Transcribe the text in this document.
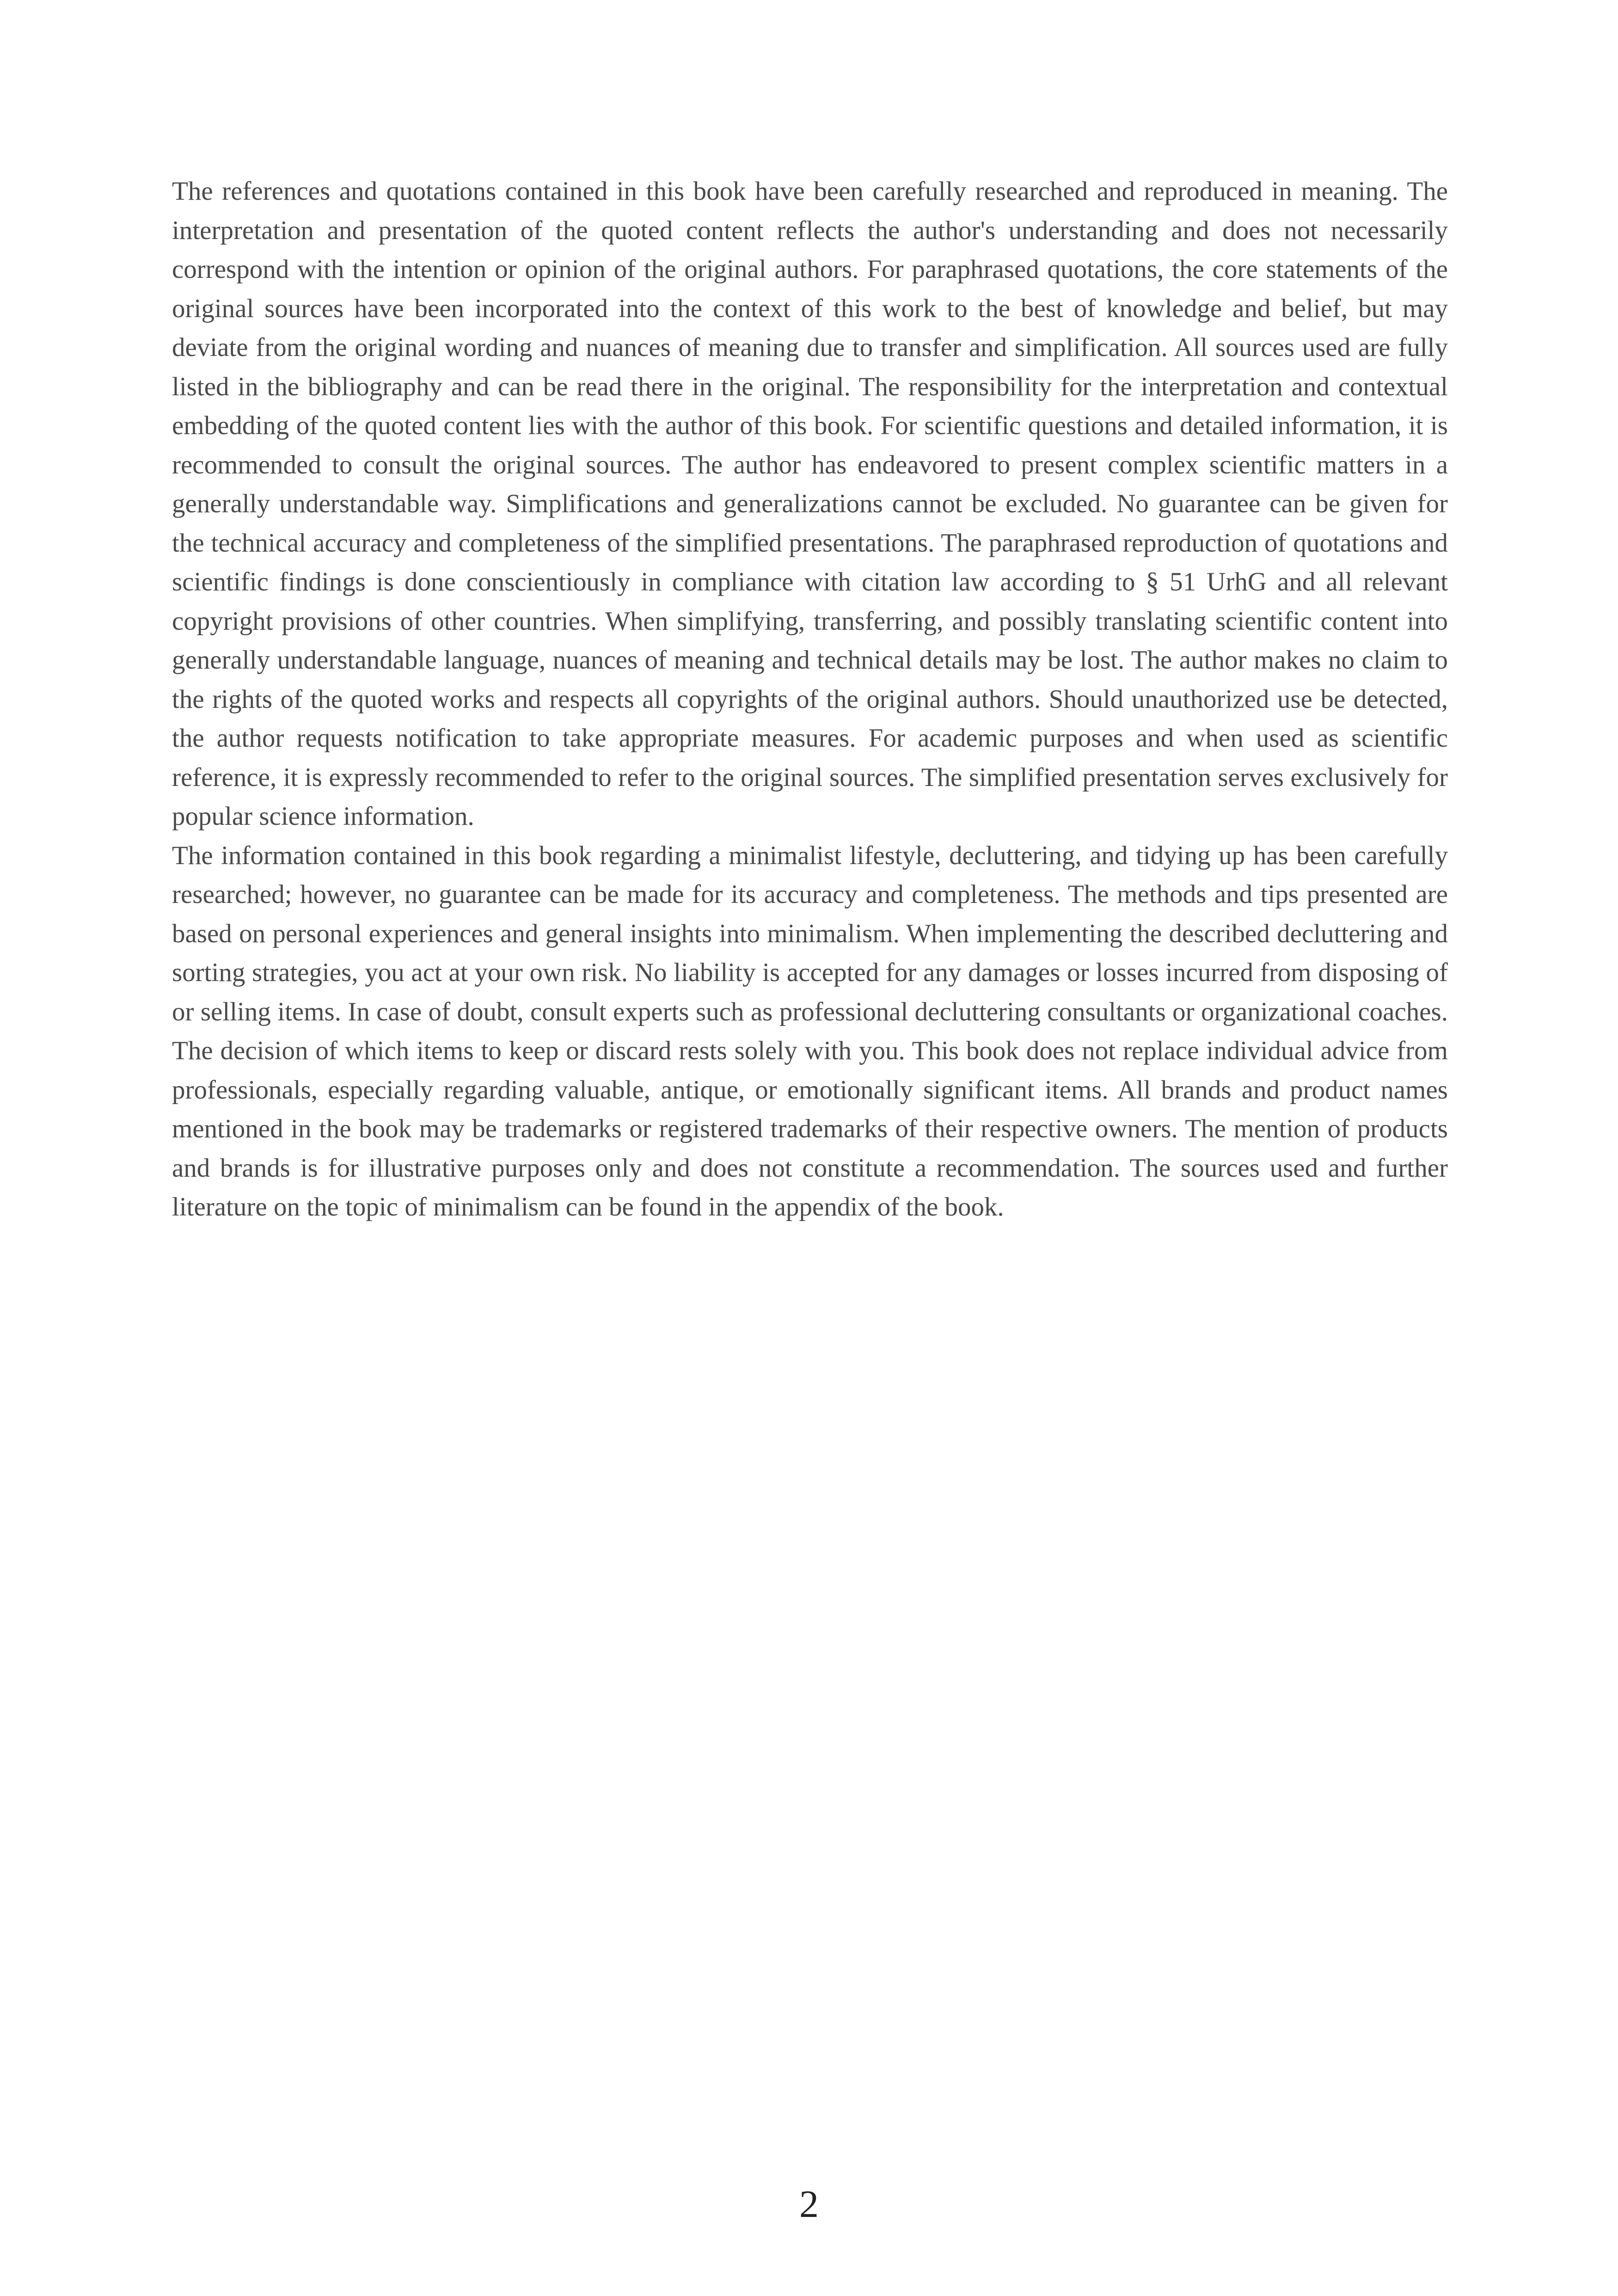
The references and quotations contained in this book have been carefully researched and reproduced in meaning. The interpretation and presentation of the quoted content reflects the author's understanding and does not necessarily correspond with the intention or opinion of the original authors. For paraphrased quotations, the core statements of the original sources have been incorporated into the context of this work to the best of knowledge and belief, but may deviate from the original wording and nuances of meaning due to transfer and simplification. All sources used are fully listed in the bibliography and can be read there in the original. The responsibility for the interpretation and contextual embedding of the quoted content lies with the author of this book. For scientific questions and detailed information, it is recommended to consult the original sources. The author has endeavored to present complex scientific matters in a generally understandable way. Simplifications and generalizations cannot be excluded. No guarantee can be given for the technical accuracy and completeness of the simplified presentations. The paraphrased reproduction of quotations and scientific findings is done conscientiously in compliance with citation law according to § 51 UrhG and all relevant copyright provisions of other countries. When simplifying, transferring, and possibly translating scientific content into generally understandable language, nuances of meaning and technical details may be lost. The author makes no claim to the rights of the quoted works and respects all copyrights of the original authors. Should unauthorized use be detected, the author requests notification to take appropriate measures. For academic purposes and when used as scientific reference, it is expressly recommended to refer to the original sources. The simplified presentation serves exclusively for popular science information.

The information contained in this book regarding a minimalist lifestyle, decluttering, and tidying up has been carefully researched; however, no guarantee can be made for its accuracy and completeness. The methods and tips presented are based on personal experiences and general insights into minimalism. When implementing the described decluttering and sorting strategies, you act at your own risk. No liability is accepted for any damages or losses incurred from disposing of or selling items. In case of doubt, consult experts such as professional decluttering consultants or organizational coaches. The decision of which items to keep or discard rests solely with you. This book does not replace individual advice from professionals, especially regarding valuable, antique, or emotionally significant items. All brands and product names mentioned in the book may be trademarks or registered trademarks of their respective owners. The mention of products and brands is for illustrative purposes only and does not constitute a recommendation. The sources used and further literature on the topic of minimalism can be found in the appendix of the book.

2
